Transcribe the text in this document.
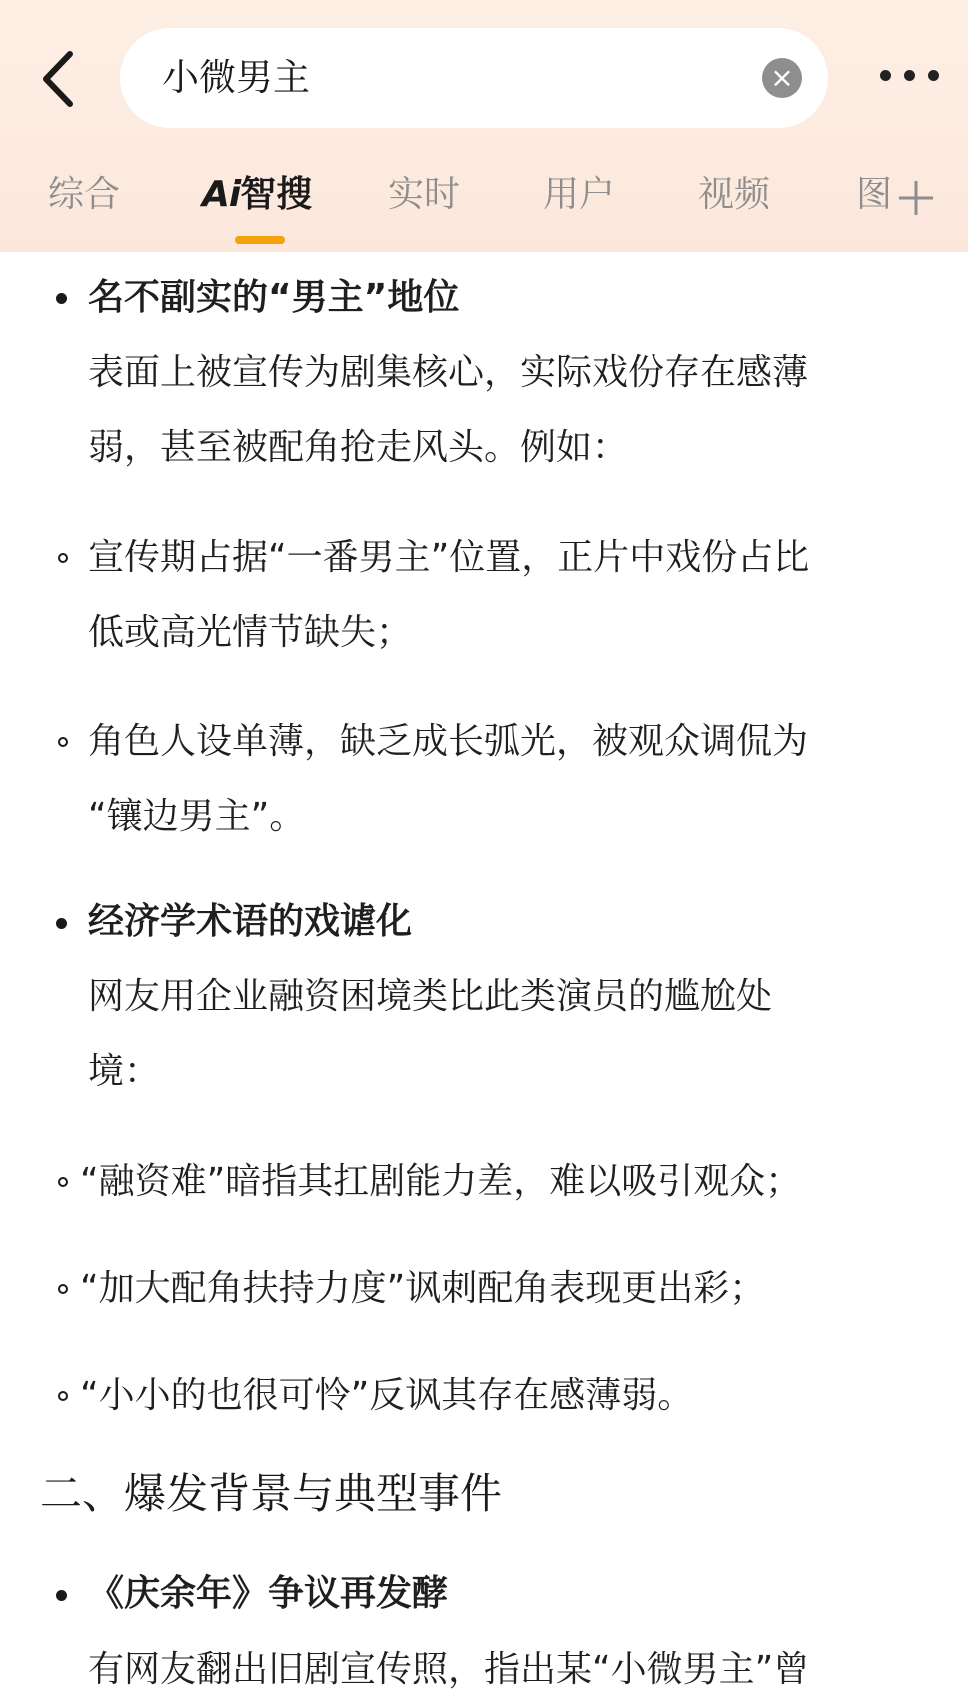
小微男主	×
综合 Ai智搜 实时 用户 视频 图
名不副实的“男主”地位
表面上被宣传为剧集核心，实际戏份存在感薄
弱，甚至被配角抢走风头。例如：
宣传期占据“一番男主”位置，正片中戏份占比
低或高光情节缺失；
角色人设单薄，缺乏成长弧光，被观众调侃为
“镶边男主”。
经济学术语的戏谑化
网友用企业融资困境类比此类演员的尴尬处
境：
“融资难”暗指其扛剧能力差，难以吸引观众；
“加大配角扶持力度”讽刺配角表现更出彩；
“小小的也很可怜”反讽其存在感薄弱。
二、爆发背景与典型事件
《庆余年》争议再发酵
有网友翻出旧剧宣传照，指出某“小微男主”曾
